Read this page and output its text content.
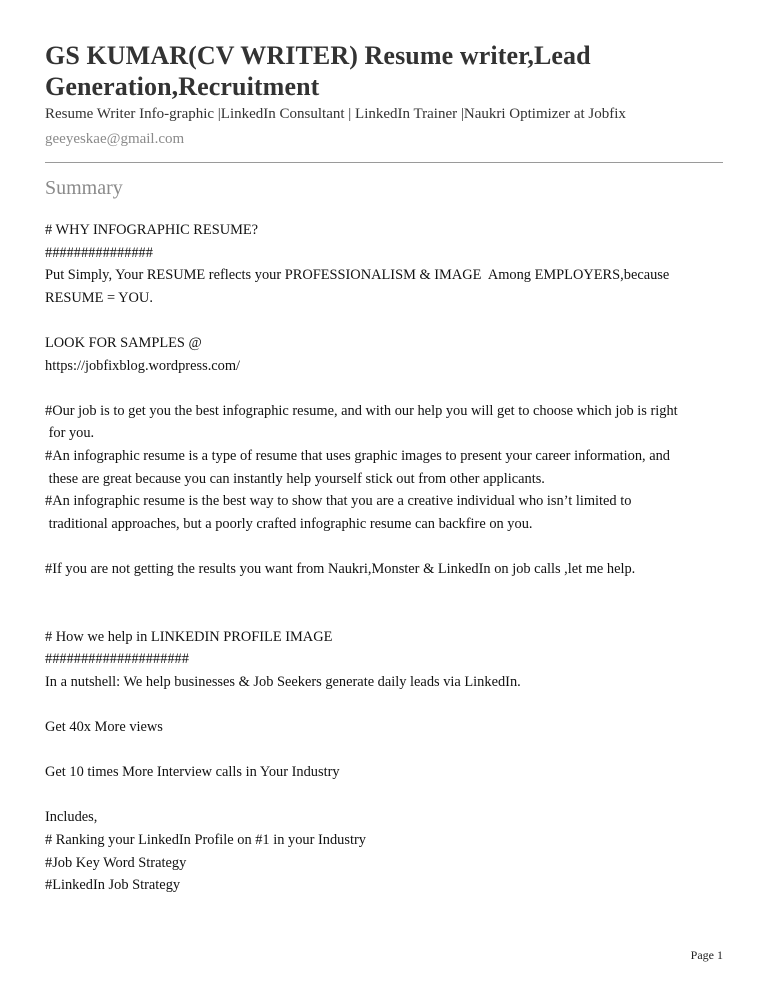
GS KUMAR(CV WRITER) Resume writer,Lead Generation,Recruitment
Resume Writer Info-graphic |LinkedIn Consultant | LinkedIn Trainer |Naukri Optimizer at Jobfix
geeyeskae@gmail.com
Summary
# WHY INFOGRAPHIC RESUME?
###############
Put Simply, Your RESUME reflects your PROFESSIONALISM & IMAGE  Among EMPLOYERS,because
RESUME = YOU.
LOOK FOR SAMPLES @
https://jobfixblog.wordpress.com/
#Our job is to get you the best infographic resume, and with our help you will get to choose which job is right
for you.
#An infographic resume is a type of resume that uses graphic images to present your career information, and
these are great because you can instantly help yourself stick out from other applicants.
#An infographic resume is the best way to show that you are a creative individual who isn’t limited to
traditional approaches, but a poorly crafted infographic resume can backfire on you.
#If you are not getting the results you want from Naukri,Monster & LinkedIn on job calls ,let me help.
# How we help in LINKEDIN PROFILE IMAGE
####################
In a nutshell: We help businesses & Job Seekers generate daily leads via LinkedIn.
Get 40x More views
Get 10 times More Interview calls in Your Industry
Includes,
# Ranking your LinkedIn Profile on #1 in your Industry
#Job Key Word Strategy
#LinkedIn Job Strategy
Page 1
